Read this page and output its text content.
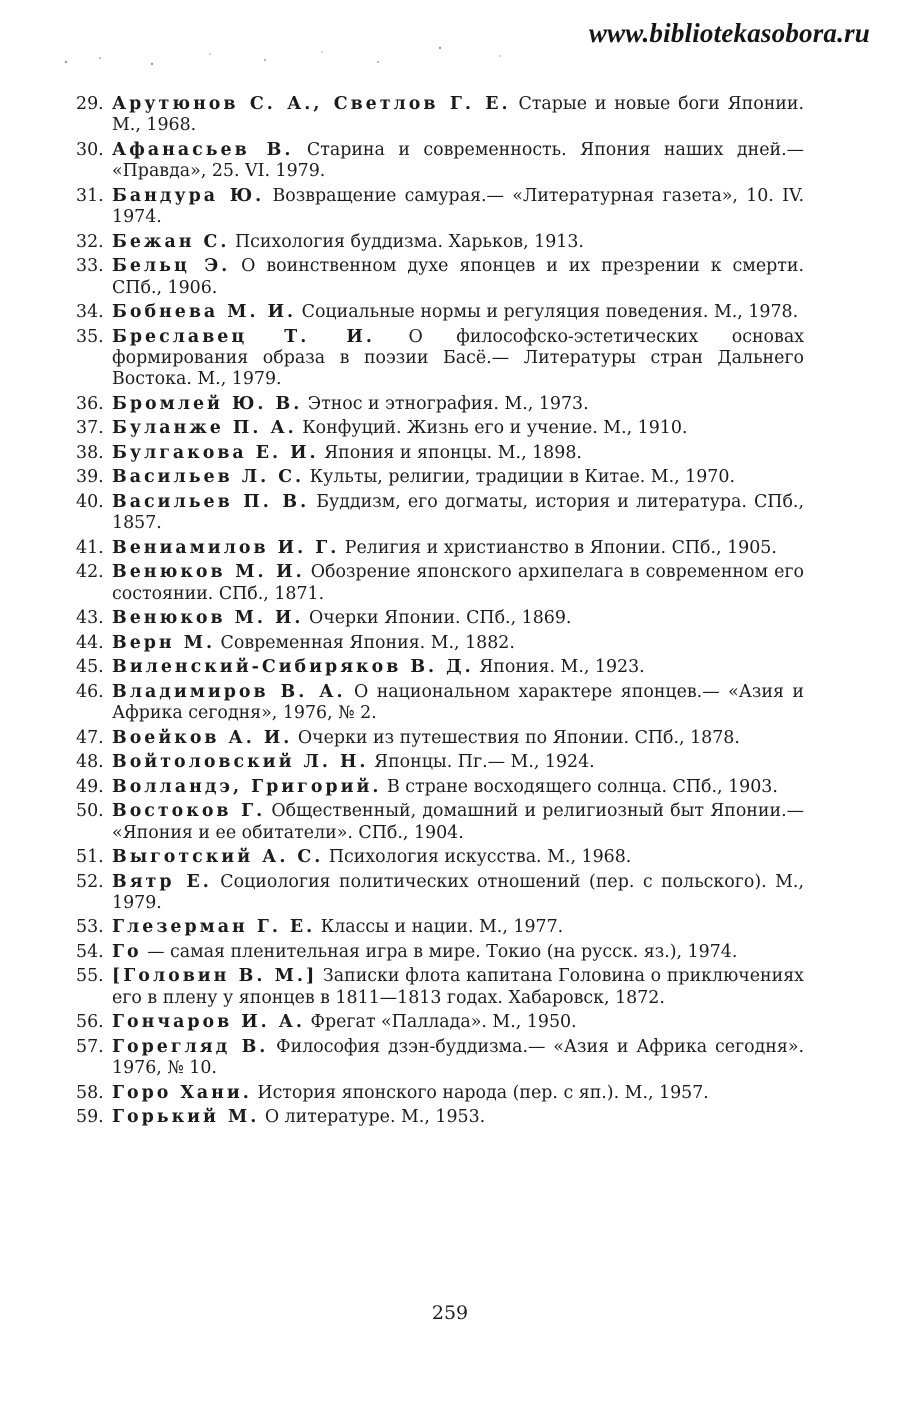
www.bibliotekasobora.ru
29. Арутюнов С. А., Светлов Г. Е. Старые и новые боги Японии. М., 1968.
30. Афанасьев В. Старина и современность. Япония наших дней.— «Правда», 25. VI. 1979.
31. Бандура Ю. Возвращение самурая.— «Литературная газета», 10. IV. 1974.
32. Бежан С. Психология буддизма. Харьков, 1913.
33. Бельц Э. О воинственном духе японцев и их презрении к смерти. СПб., 1906.
34. Бобнева М. И. Социальные нормы и регуляция поведения. М., 1978.
35. Бреславец Т. И. О философско-эстетических основах формирования образа в поэзии Басё.— Литературы стран Дальнего Востока. М., 1979.
36. Бромлей Ю. В. Этнос и этнография. М., 1973.
37. Буланже П. А. Конфуций. Жизнь его и учение. М., 1910.
38. Булгакова Е. И. Япония и японцы. М., 1898.
39. Васильев Л. С. Культы, религии, традиции в Китае. М., 1970.
40. Васильев П. В. Буддизм, его догматы, история и литература. СПб., 1857.
41. Вениамилов И. Г. Религия и христианство в Японии. СПб., 1905.
42. Венюков М. И. Обозрение японского архипелага в современном его состоянии. СПб., 1871.
43. Венюков М. И. Очерки Японии. СПб., 1869.
44. Верн М. Современная Япония. М., 1882.
45. Виленский-Сибиряков В. Д. Япония. М., 1923.
46. Владимиров В. А. О национальном характере японцев.— «Азия и Африка сегодня», 1976, № 2.
47. Воейков А. И. Очерки из путешествия по Японии. СПб., 1878.
48. Войтоловский Л. Н. Японцы. Пг.— М., 1924.
49. Волландэ, Григорий. В стране восходящего солнца. СПб., 1903.
50. Востоков Г. Общественный, домашний и религиозный быт Японии.— «Япония и ее обитатели». СПб., 1904.
51. Выготский А. С. Психология искусства. М., 1968.
52. Вятр Е. Социология политических отношений (пер. с польского). М., 1979.
53. Глезерман Г. Е. Классы и нации. М., 1977.
54. Го — самая пленительная игра в мире. Токио (на русск. яз.), 1974.
55. [Головин В. М.] Записки флота капитана Головина о приключениях его в плену у японцев в 1811—1813 годах. Хабаровск, 1872.
56. Гончаров И. А. Фрегат «Паллада». М., 1950.
57. Горегляд В. Философия дзэн-буддизма.— «Азия и Африка сегодня». 1976, № 10.
58. Горо Хани. История японского народа (пер. с яп.). М., 1957.
59. Горький М. О литературе. М., 1953.
259
